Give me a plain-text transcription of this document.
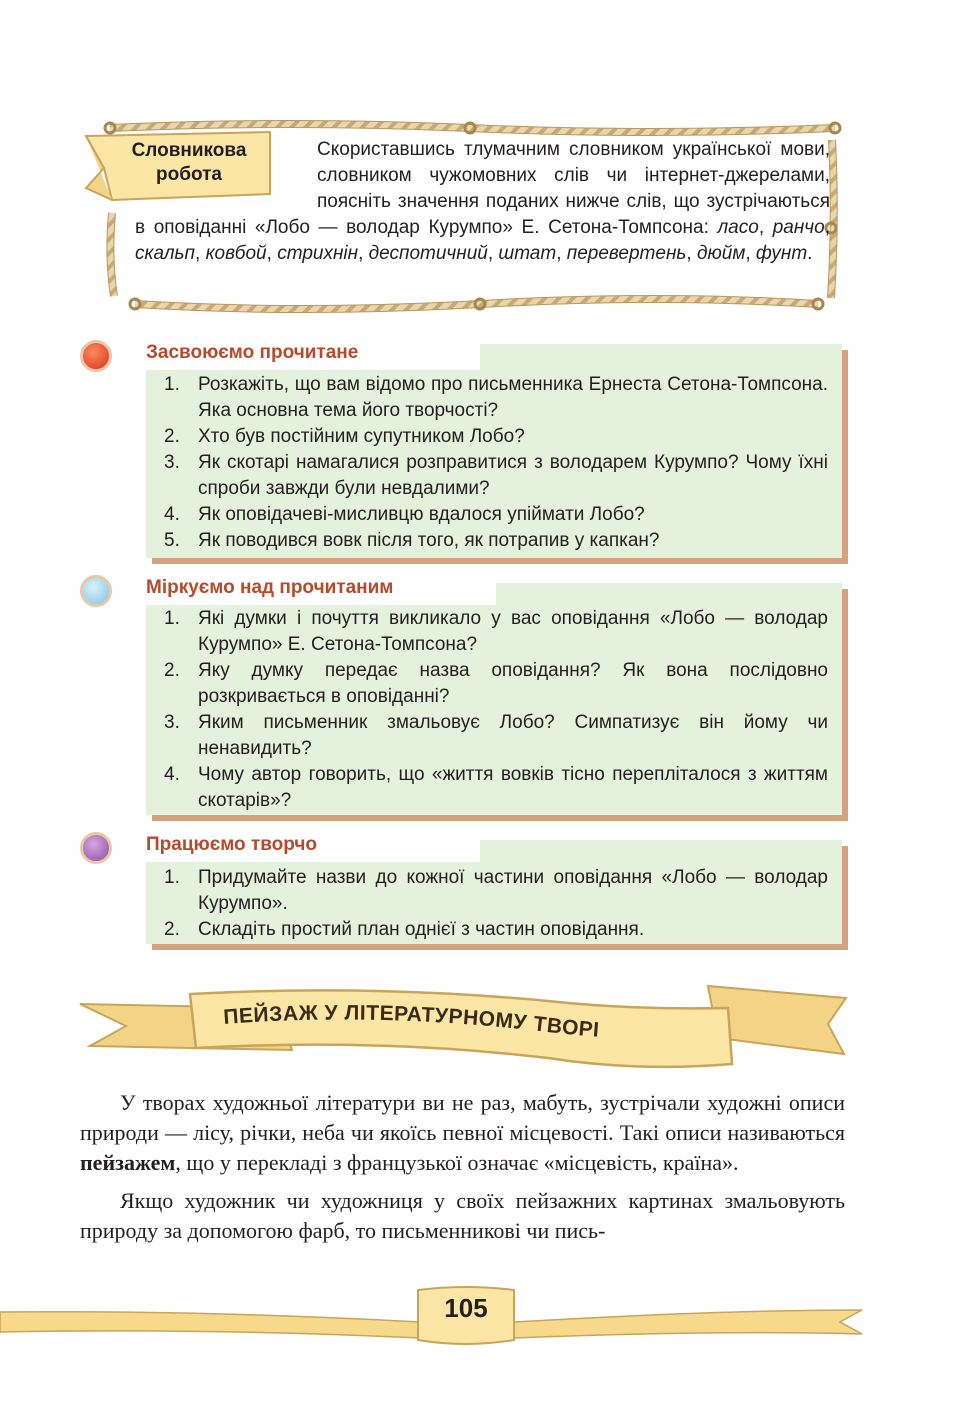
Словникова
робота
Скориставшись тлумачним словником української мови, словником чужомовних слів чи інтернет-джерелами, поясніть значення поданих нижче слів, що зустрічаються в оповіданні «Лобо — володар Курумпо» Е. Сетона-Томпсона: ласо, ранчо, скальп, ковбой, стрихнін, деспотичний, штат, перевертень, дюйм, фунт.
Засвоюємо прочитане
1. Розкажіть, що вам відомо про письменника Ернеста Сетона-Томпсона. Яка основна тема його творчості?
2. Хто був постійним супутником Лобо?
3. Як скотарі намагалися розправитися з володарем Курумпо? Чому їхні спроби завжди були невдалими?
4. Як оповідачеві-мисливцю вдалося упіймати Лобо?
5. Як поводився вовк після того, як потрапив у капкан?
Міркуємо над прочитаним
1. Які думки і почуття викликало у вас оповідання «Лобо — володар Курумпо» Е. Сетона-Томпсона?
2. Яку думку передає назва оповідання? Як вона послідовно розкривається в оповіданні?
3. Яким письменник змальовує Лобо? Симпатизує він йому чи ненавидить?
4. Чому автор говорить, що «життя вовків тісно перепліталося з життям скотарів»?
Працюємо творчо
1. Придумайте назви до кожної частини оповідання «Лобо — володар Курумпо».
2. Складіть простий план однієї з частин оповідання.
ПЕЙЗАЖ У ЛІТЕРАТУРНОМУ ТВОРІ

У творах художньої літератури ви не раз, мабуть, зустрічали художні описи природи — лісу, річки, неба чи якоїсь певної місцевості. Такі описи називаються пейзажем, що у перекладі з французької означає «місцевість, країна».

Якщо художник чи художниця у своїх пейзажних картинах змальовують природу за допомогою фарб, то письменникові чи пись-

105
